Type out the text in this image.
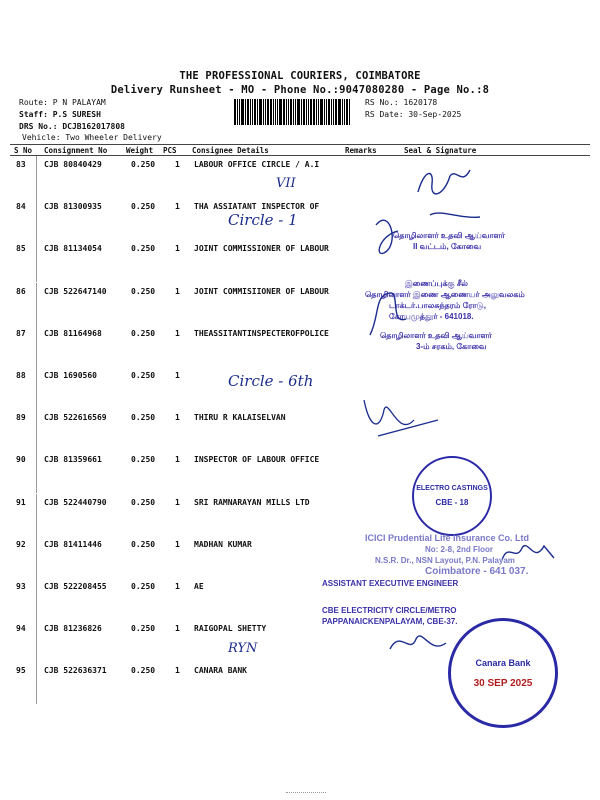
THE PROFESSIONAL COURIERS, COIMBATORE
Delivery Runsheet - MO - Phone No.:9047080280 - Page No.:8
Route: P N PALAYAM
Staff: P.S SURESH
DRS No.: DCJB162017808
Vehicle: Two Wheeler Delivery
RS No.: 1620178
RS Date: 30-Sep-2025
S No Consignment No	Weight PCS Consignee Details	Remarks	Seal & Signature
83 CJB 80840429	0.250 1 LABOUR OFFICE CIRCLE / A.I
84 CJB 81300935	0.250 1 THA ASSIATANT INSPECTOR OF
85 CJB 81134054	0.250 1 JOINT COMMISSIONER OF LABOUR
86 CJB 522647140	0.250 1 JOINT COMMISIIONER OF LABOUR
87 CJB 81164968	0.250 1 THEASSITANTINSPECTEROFPOLICE
88 CJB 1690560	0.250 1
89 CJB 522616569	0.250 1 THIRU R KALAISELVAN
90 CJB 81359661	0.250 1 INSPECTOR OF LABOUR OFFICE
91 CJB 522440790	0.250 1 SRI RAMNARAYAN MILLS LTD
92 CJB 81411446	0.250 1 MADHAN KUMAR
93 CJB 522208455	0.250 1 AE
94 CJB 81236826	0.250 1 RAIGOPAL SHETTY
95 CJB 522636371	0.250 1 CANARA BANK
VII
Circle - 1
Circle - 6th
RYN
தொழிலாளர் உதவி ஆய்வாளர்
II வட்டம், கோவை
இணைப்புக்கு சீல்
தொழிலாளர் இணை ஆணையர் அலுவலகம்
டாக்டர்.பாலசுந்தரம் ரோடு,
கோயமுத்தூர் - 641018.
தொழிலாளர் உதவி ஆய்வாளர்
3-ம் சரகம், கோவை
ELECTRO CASTINGS
CBE - 18
ICICI Prudential Life Insurance Co. Ltd
No: 2-8, 2nd Floor
N.S.R. Dr., NSN Layout, P.N. Palayam
Coimbatore - 641 037.
ASSISTANT EXECUTIVE ENGINEER
CBE ELECTRICITY CIRCLE/METRO
PAPPANAICKENPALAYAM, CBE-37.
Canara Bank
30 SEP 2025
